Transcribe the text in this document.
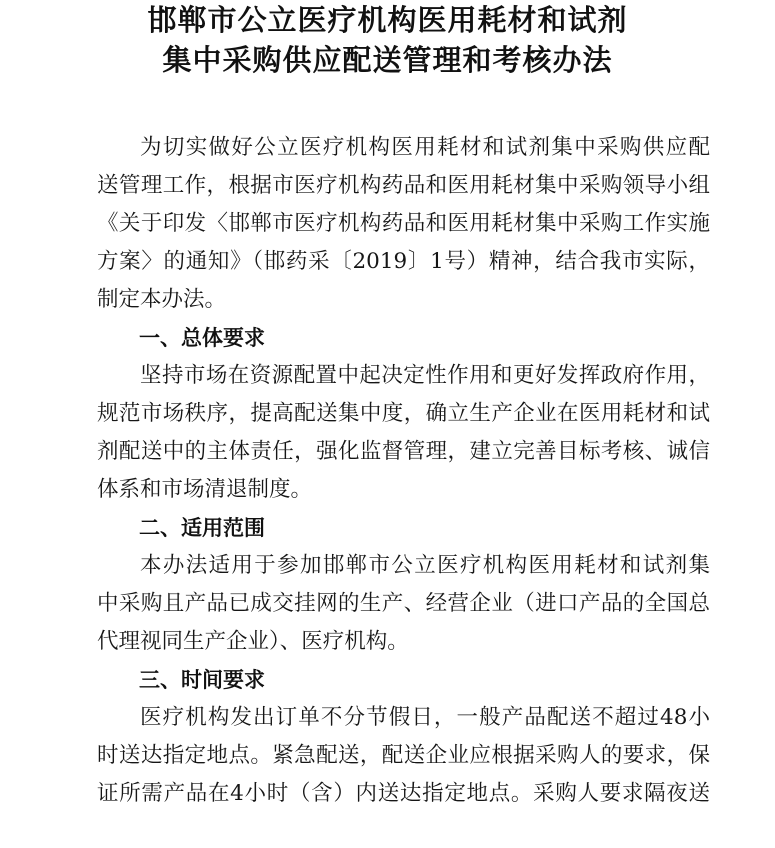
邯郸市公立医疗机构医用耗材和试剂
集中采购供应配送管理和考核办法
为切实做好公立医疗机构医用耗材和试剂集中采购供应配
送管理工作，根据市医疗机构药品和医用耗材集中采购领导小组
《关于印发〈邯郸市医疗机构药品和医用耗材集中采购工作实施
方案〉的通知》（邯药采〔2019〕1号）精神，结合我市实际，
制定本办法。
一、总体要求
坚持市场在资源配置中起决定性作用和更好发挥政府作用，
规范市场秩序，提高配送集中度，确立生产企业在医用耗材和试
剂配送中的主体责任，强化监督管理，建立完善目标考核、诚信
体系和市场清退制度。
二、适用范围
本办法适用于参加邯郸市公立医疗机构医用耗材和试剂集
中采购且产品已成交挂网的生产、经营企业（进口产品的全国总
代理视同生产企业）、医疗机构。
三、时间要求
医疗机构发出订单不分节假日，一般产品配送不超过48小
时送达指定地点。紧急配送，配送企业应根据采购人的要求，保
证所需产品在4小时（含）内送达指定地点。采购人要求隔夜送
